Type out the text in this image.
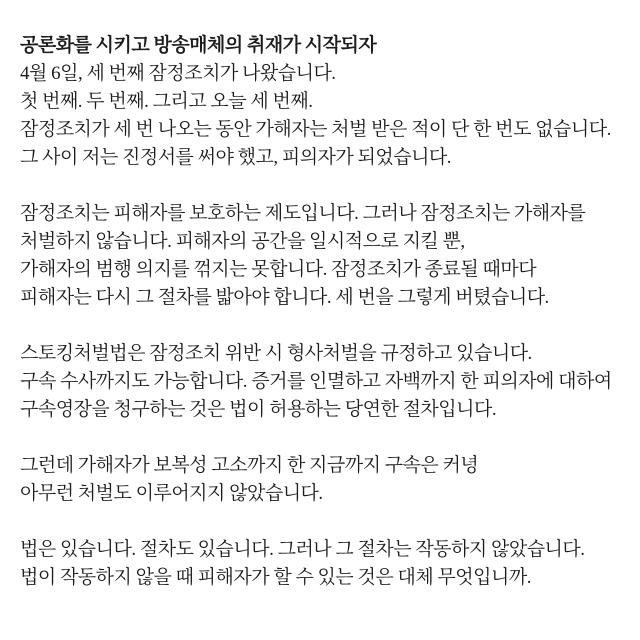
공론화를 시키고 방송매체의 취재가 시작되자
4월 6일, 세 번째 잠정조치가 나왔습니다.
첫 번째. 두 번째. 그리고 오늘 세 번째.
잠정조치가 세 번 나오는 동안 가해자는 처벌 받은 적이 단 한 번도 없습니다.
그 사이 저는 진정서를 써야 했고, 피의자가 되었습니다.
잠정조치는 피해자를 보호하는 제도입니다. 그러나 잠정조치는 가해자를
처벌하지 않습니다. 피해자의 공간을 일시적으로 지킬 뿐,
가해자의 범행 의지를 꺾지는 못합니다. 잠정조치가 종료될 때마다
피해자는 다시 그 절차를 밟아야 합니다. 세 번을 그렇게 버텼습니다.
스토킹처벌법은 잠정조치 위반 시 형사처벌을 규정하고 있습니다.
구속 수사까지도 가능합니다. 증거를 인멸하고 자백까지 한 피의자에 대하여
구속영장을 청구하는 것은 법이 허용하는 당연한 절차입니다.
그런데 가해자가 보복성 고소까지 한 지금까지 구속은 커녕
아무런 처벌도 이루어지지 않았습니다.
법은 있습니다. 절차도 있습니다. 그러나 그 절차는 작동하지 않았습니다.
법이 작동하지 않을 때 피해자가 할 수 있는 것은 대체 무엇입니까.
